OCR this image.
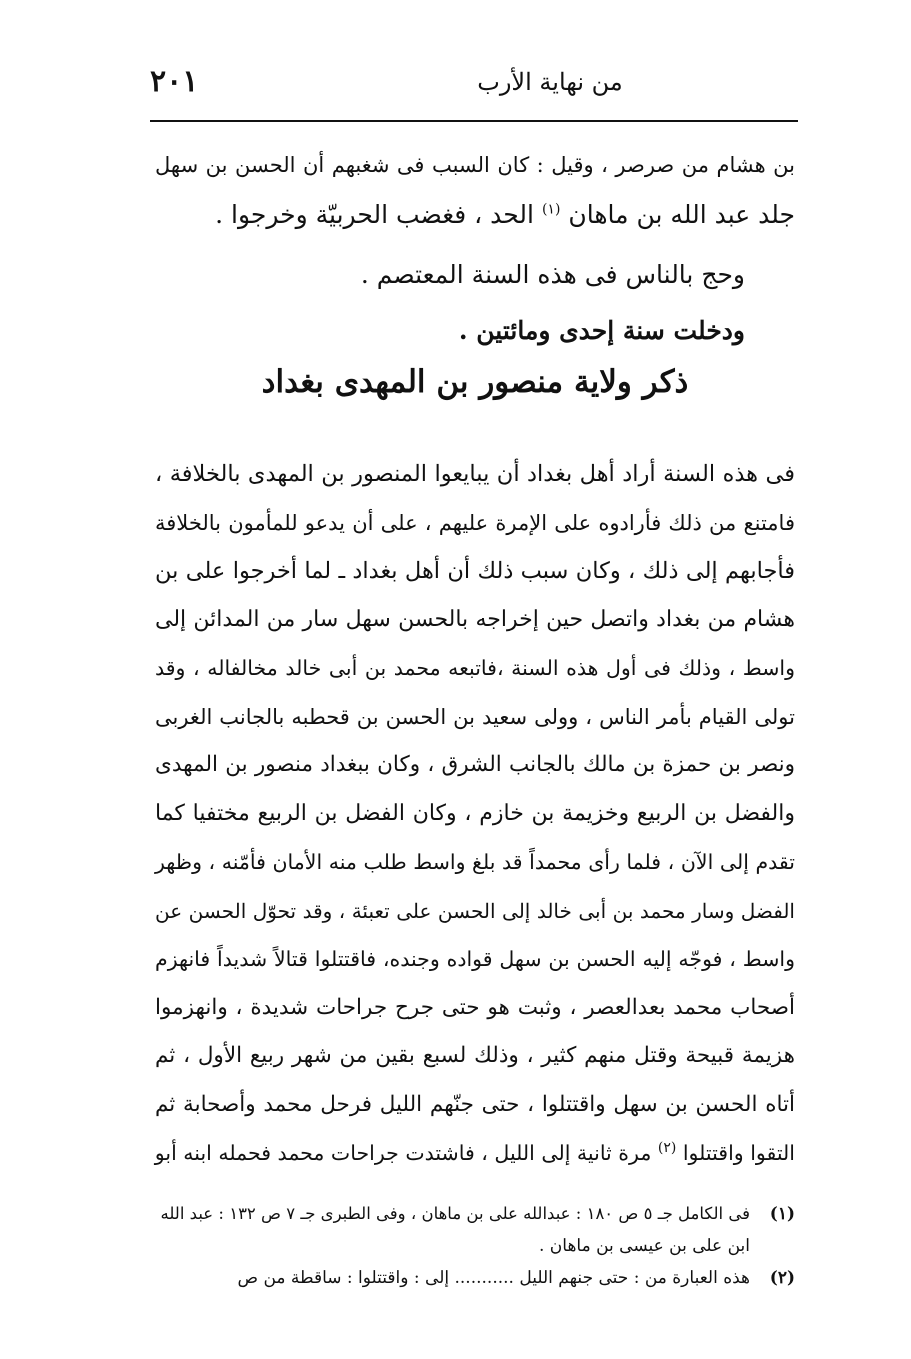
٢٠١	من نهاية الأرب
بن هشام من صرصر ، وقيل : كان السبب فى شغبهم أن الحسن بن سهل
جلد عبد الله بن ماهان $^{(١)}$ الحد ، فغضب الحربيّة وخرجوا .
وحج بالناس فى هذه السنة المعتصم .
ودخلت سنة إحدى ومائتين .
ذكر ولاية منصور بن المهدى بغداد
فى هذه السنة أراد أهل بغداد أن يبايعوا المنصور بن المهدى بالخلافة ،
فامتنع من ذلك فأرادوه على الإمرة عليهم ، على أن يدعو للمأمون بالخلافة
فأجابهم إلى ذلك ، وكان سبب ذلك أن أهل بغداد ـ لما أخرجوا على بن
هشام من بغداد واتصل حين إخراجه بالحسن سهل سار من المدائن إلى
واسط ، وذلك فى أول هذه السنة ،فاتبعه محمد بن أبى خالد مخالفاله ، وقد
تولى القيام بأمر الناس ، وولى سعيد بن الحسن بن قحطبه بالجانب الغربى
ونصر بن حمزة بن مالك بالجانب الشرق ، وكان ببغداد منصور بن المهدى
والفضل بن الربيع وخزيمة بن خازم ، وكان الفضل بن الربيع مختفيا كما
تقدم إلى الآن ، فلما رأى محمداً قد بلغ واسط طلب منه الأمان فأمّنه ، وظهر
الفضل وسار محمد بن أبى خالد إلى الحسن على تعبئة ، وقد تحوّل الحسن عن
واسط ، فوجّه إليه الحسن بن سهل قواده وجنده، فاقتتلوا قتالاً شديداً فانهزم
أصحاب محمد بعدالعصر ، وثبت هو حتى جرح جراحات شديدة ، وانهزموا
هزيمة قبيحة وقتل منهم كثير ، وذلك لسبع بقين من شهر ربيع الأول ، ثم
أتاه الحسن بن سهل واقتتلوا ، حتى جنّهم الليل فرحل محمد وأصحابة ثم
التقوا واقتتلوا $^{(٢)}$ مرة ثانية إلى الليل ، فاشتدت جراحات محمد فحمله ابنه أبو
(١)
فى الكامل جـ ٥ ص ١٨٠ : عبدالله على بن ماهان ، وفى الطبرى جـ ٧ ص ١٣٢ : عبد الله
ابن على بن عيسى بن ماهان .
(٢)
هذه العبارة من : حتى جنهم الليل ........... إلى : واقتتلوا : ساقطة من ص
